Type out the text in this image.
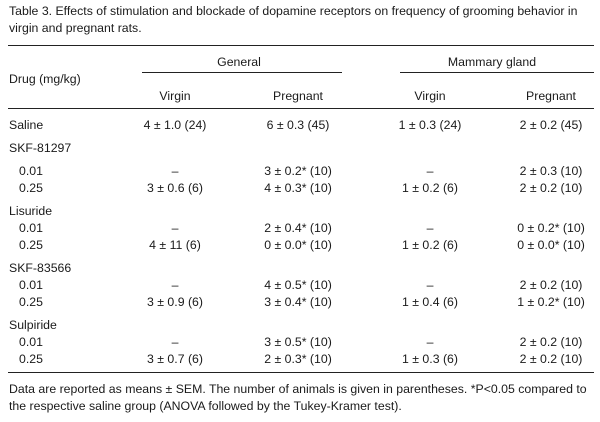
Table 3. Effects of stimulation and blockade of dopamine receptors on frequency of grooming behavior in virgin and pregnant rats.
Drug (mg/kg)
General	Mammary gland
Virgin	Pregnant	Virgin	Pregnant
Saline	4 ± 1.0 (24)	6 ± 0.3 (45)	1 ± 0.3 (24)	2 ± 0.2 (45)
SKF-81297
0.01	–	3 ± 0.2* (10)	–	2 ± 0.3 (10)
0.25	3 ± 0.6 (6)	4 ± 0.3* (10)	1 ± 0.2 (6)	2 ± 0.2 (10)
Lisuride
0.01	–	2 ± 0.4* (10)	–	0 ± 0.2* (10)
0.25	4 ± 11 (6)	0 ± 0.0* (10)	1 ± 0.2 (6)	0 ± 0.0* (10)
SKF-83566
0.01	–	4 ± 0.5* (10)	–	2 ± 0.2 (10)
0.25	3 ± 0.9 (6)	3 ± 0.4* (10)	1 ± 0.4 (6)	1 ± 0.2* (10)
Sulpiride
0.01	–	3 ± 0.5* (10)	–	2 ± 0.2 (10)
0.25	3 ± 0.7 (6)	2 ± 0.3* (10)	1 ± 0.3 (6)	2 ± 0.2 (10)
Data are reported as means ± SEM. The number of animals is given in parentheses. *P<0.05 compared to the respective saline group (ANOVA followed by the Tukey-Kramer test).
